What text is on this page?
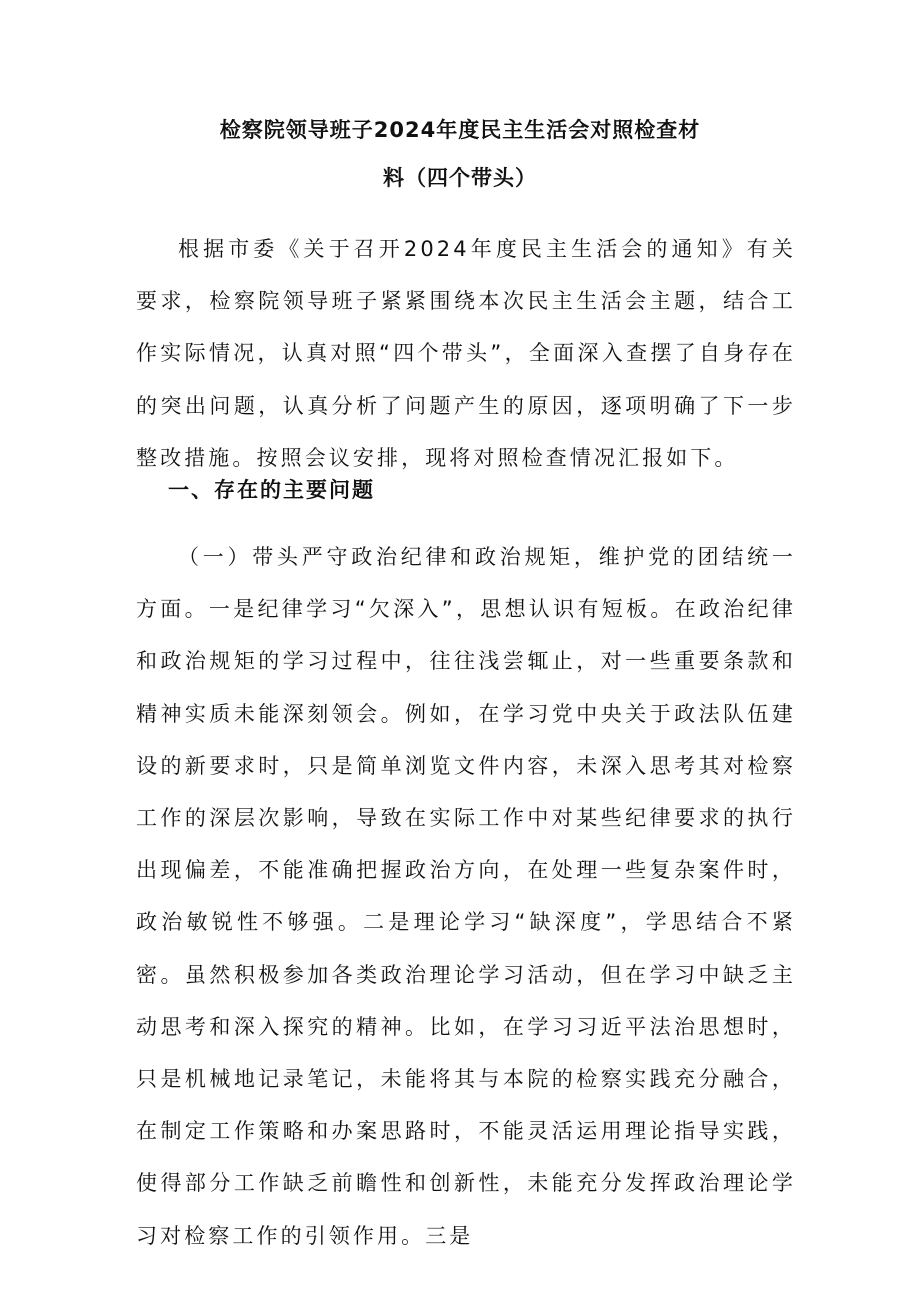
检察院领导班子2024年度民主生活会对照检查材
料（四个带头）

根据市委《关于召开2024年度民主生活会的通知》有关要求，检察院领导班子紧紧围绕本次民主生活会主题，结合工作实际情况，认真对照“四个带头”，全面深入查摆了自身存在的突出问题，认真分析了问题产生的原因，逐项明确了下一步整改措施。按照会议安排，现将对照检查情况汇报如下。

一、存在的主要问题

（一）带头严守政治纪律和政治规矩，维护党的团结统一方面。一是纪律学习“欠深入”，思想认识有短板。在政治纪律和政治规矩的学习过程中，往往浅尝辄止，对一些重要条款和精神实质未能深刻领会。例如，在学习党中央关于政法队伍建设的新要求时，只是简单浏览文件内容，未深入思考其对检察工作的深层次影响，导致在实际工作中对某些纪律要求的执行出现偏差，不能准确把握政治方向，在处理一些复杂案件时，政治敏锐性不够强。二是理论学习“缺深度”，学思结合不紧密。虽然积极参加各类政治理论学习活动，但在学习中缺乏主动思考和深入探究的精神。比如，在学习习近平法治思想时，只是机械地记录笔记，未能将其与本院的检察实践充分融合，在制定工作策略和办案思路时，不能灵活运用理论指导实践，使得部分工作缺乏前瞻性和创新性，未能充分发挥政治理论学习对检察工作的引领作用。三是
